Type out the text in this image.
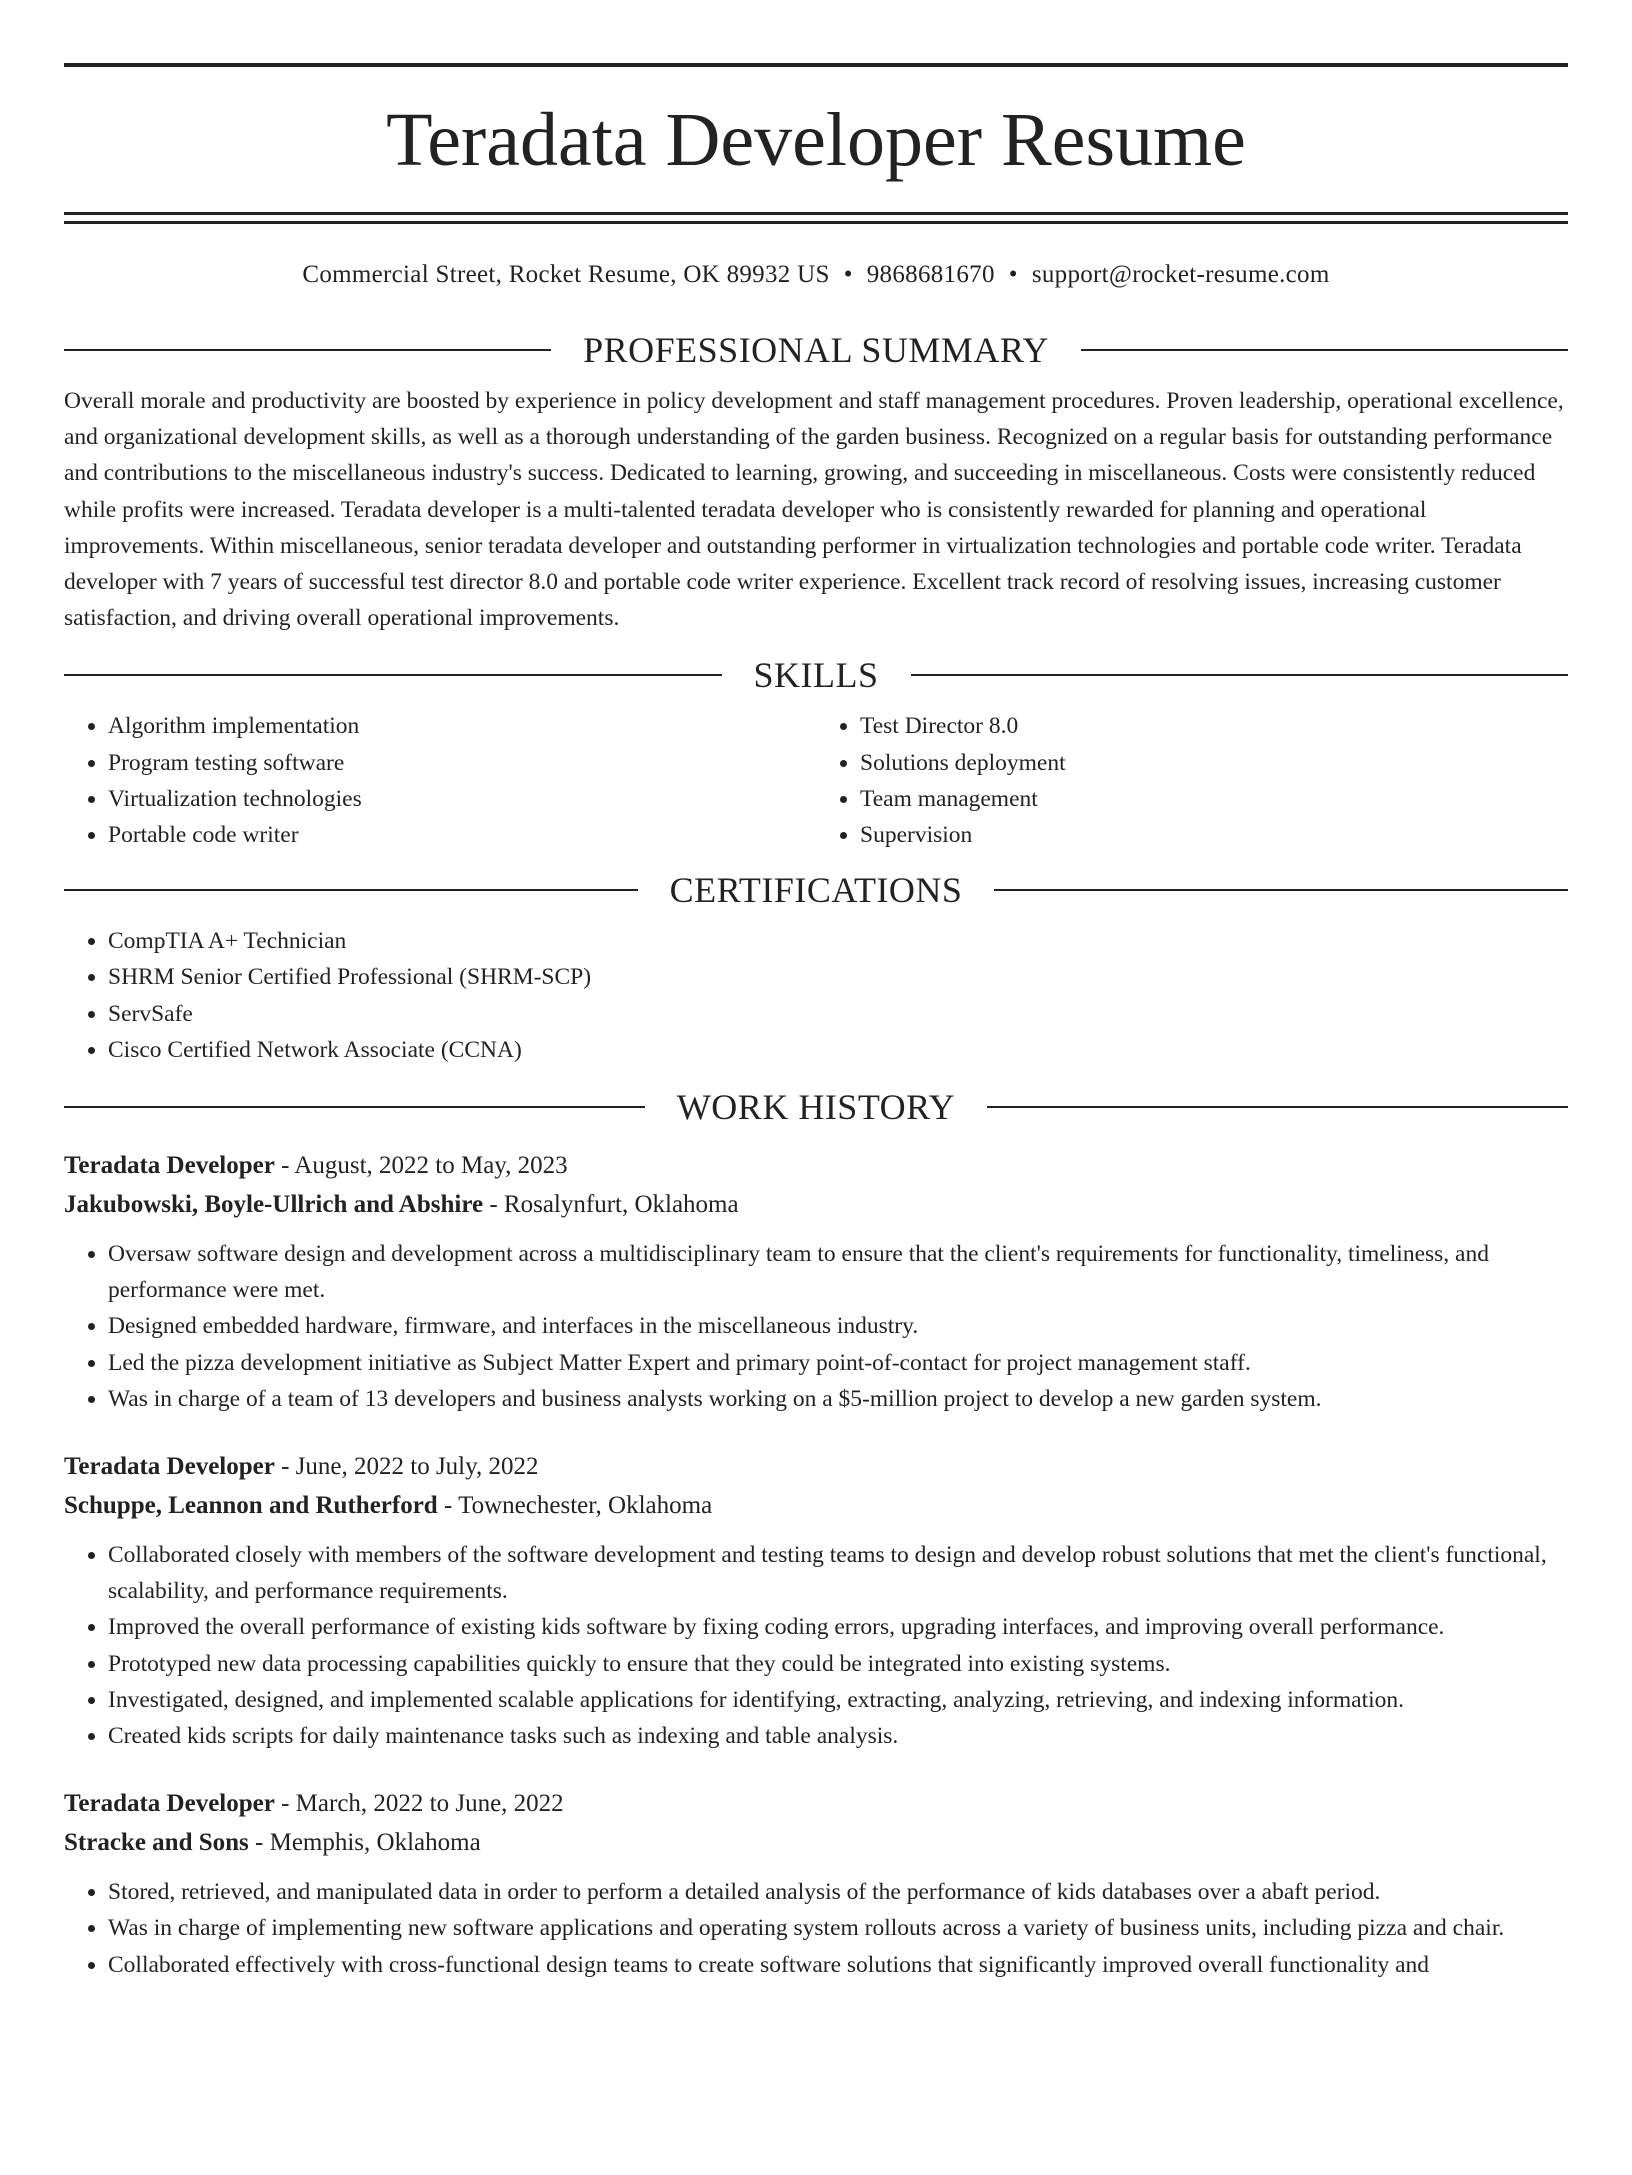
Teradata Developer Resume
Commercial Street, Rocket Resume, OK 89932 US • 9868681670 • support@rocket-resume.com
PROFESSIONAL SUMMARY

Overall morale and productivity are boosted by experience in policy development and staff management procedures. Proven leadership, operational excellence, and organizational development skills, as well as a thorough understanding of the garden business. Recognized on a regular basis for outstanding performance and contributions to the miscellaneous industry's success. Dedicated to learning, growing, and succeeding in miscellaneous. Costs were consistently reduced while profits were increased. Teradata developer is a multi-talented teradata developer who is consistently rewarded for planning and operational improvements. Within miscellaneous, senior teradata developer and outstanding performer in virtualization technologies and portable code writer. Teradata developer with 7 years of successful test director 8.0 and portable code writer experience. Excellent track record of resolving issues, increasing customer satisfaction, and driving overall operational improvements.

SKILLS
• Algorithm implementation
• Program testing software
• Virtualization technologies
• Portable code writer
• Test Director 8.0
• Solutions deployment
• Team management
• Supervision
CERTIFICATIONS
• CompTIA A+ Technician
• SHRM Senior Certified Professional (SHRM-SCP)
• ServSafe
• Cisco Certified Network Associate (CCNA)
WORK HISTORY
Teradata Developer - August, 2022 to May, 2023
Jakubowski, Boyle-Ullrich and Abshire - Rosalynfurt, Oklahoma
• Oversaw software design and development across a multidisciplinary team to ensure that the client's requirements for functionality, timeliness, and performance were met.
• Designed embedded hardware, firmware, and interfaces in the miscellaneous industry.
• Led the pizza development initiative as Subject Matter Expert and primary point-of-contact for project management staff.
• Was in charge of a team of 13 developers and business analysts working on a $5-million project to develop a new garden system.
Teradata Developer - June, 2022 to July, 2022
Schuppe, Leannon and Rutherford - Townechester, Oklahoma
• Collaborated closely with members of the software development and testing teams to design and develop robust solutions that met the client's functional, scalability, and performance requirements.
• Improved the overall performance of existing kids software by fixing coding errors, upgrading interfaces, and improving overall performance.
• Prototyped new data processing capabilities quickly to ensure that they could be integrated into existing systems.
• Investigated, designed, and implemented scalable applications for identifying, extracting, analyzing, retrieving, and indexing information.
• Created kids scripts for daily maintenance tasks such as indexing and table analysis.
Teradata Developer - March, 2022 to June, 2022
Stracke and Sons - Memphis, Oklahoma
• Stored, retrieved, and manipulated data in order to perform a detailed analysis of the performance of kids databases over a abaft period.
• Was in charge of implementing new software applications and operating system rollouts across a variety of business units, including pizza and chair.
• Collaborated effectively with cross-functional design teams to create software solutions that significantly improved overall functionality and
